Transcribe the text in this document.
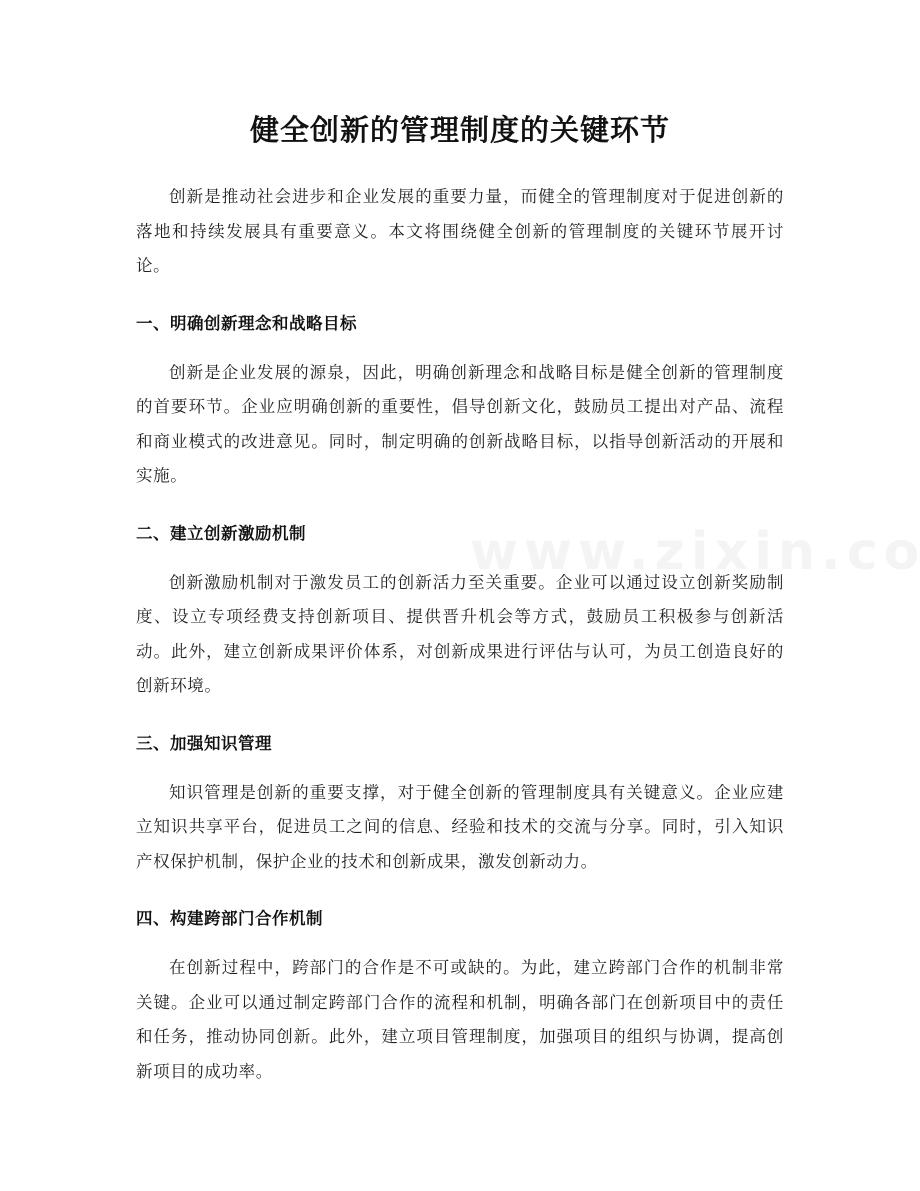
健全创新的管理制度的关键环节

创新是推动社会进步和企业发展的重要力量，而健全的管理制度对于促进创新的落地和持续发展具有重要意义。本文将围绕健全创新的管理制度的关键环节展开讨论。

一、明确创新理念和战略目标

创新是企业发展的源泉，因此，明确创新理念和战略目标是健全创新的管理制度的首要环节。企业应明确创新的重要性，倡导创新文化，鼓励员工提出对产品、流程和商业模式的改进意见。同时，制定明确的创新战略目标，以指导创新活动的开展和实施。

二、建立创新激励机制

创新激励机制对于激发员工的创新活力至关重要。企业可以通过设立创新奖励制度、设立专项经费支持创新项目、提供晋升机会等方式，鼓励员工积极参与创新活动。此外，建立创新成果评价体系，对创新成果进行评估与认可，为员工创造良好的创新环境。

三、加强知识管理

知识管理是创新的重要支撑，对于健全创新的管理制度具有关键意义。企业应建立知识共享平台，促进员工之间的信息、经验和技术的交流与分享。同时，引入知识产权保护机制，保护企业的技术和创新成果，激发创新动力。

四、构建跨部门合作机制

在创新过程中，跨部门的合作是不可或缺的。为此，建立跨部门合作的机制非常关键。企业可以通过制定跨部门合作的流程和机制，明确各部门在创新项目中的责任和任务，推动协同创新。此外，建立项目管理制度，加强项目的组织与协调，提高创新项目的成功率。
